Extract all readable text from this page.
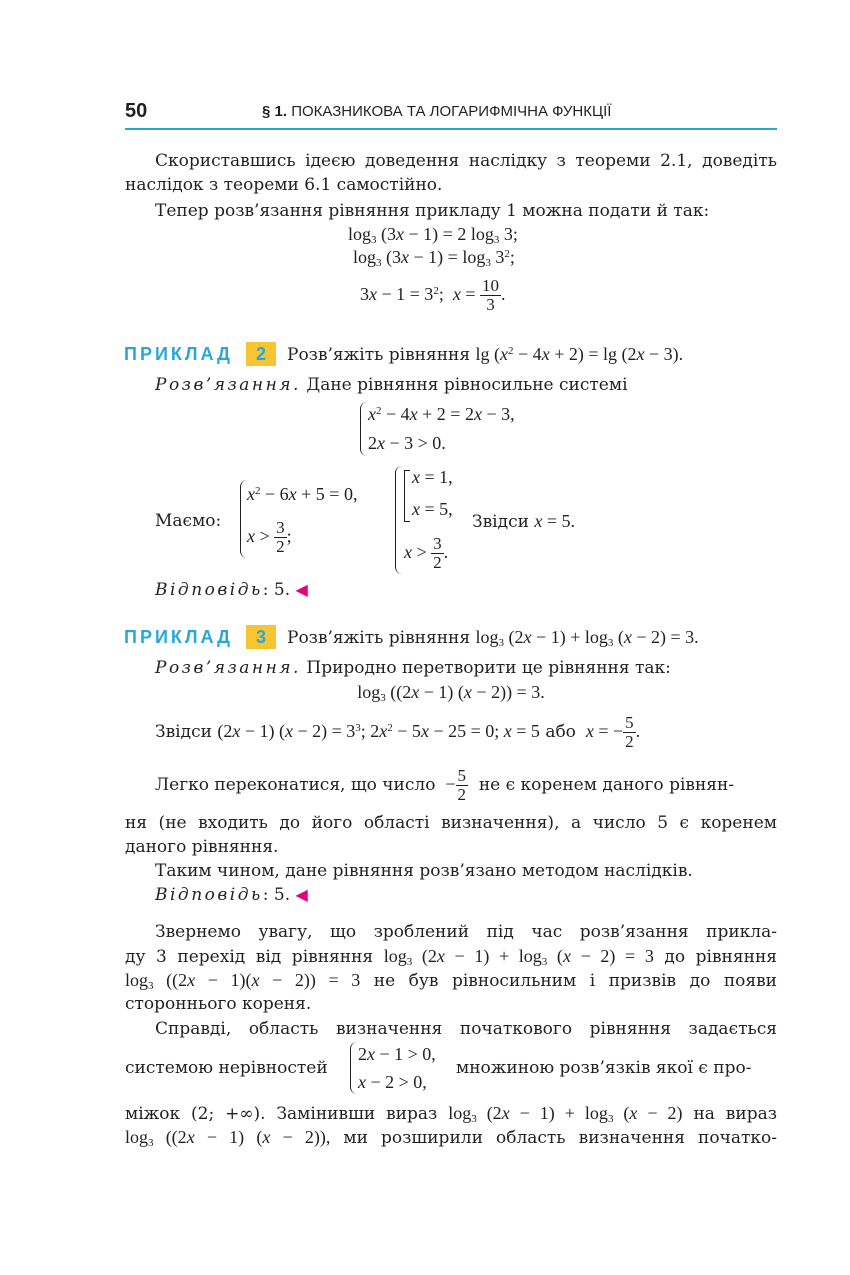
50	§ 1. ПОКАЗНИКОВА ТА ЛОГАРИФМІЧНА ФУНКЦІЇ
Скориставшись ідеєю доведення наслідку з теореми 2.1, доведіть
наслідок з теореми 6.1 самостійно.
Тепер розв’язання рівняння прикладу 1 можна подати й так:
$\log_3 (3x - 1) = 2$ $\log_3 3$;
$\log_3 (3x - 1) = \log_3 3^2$;
$3x - 1 = 3^2$;  $x = \frac{10}{3}$ .
ПРИКЛАД	2	Розв’яжіть рівняння $\lg (x^2 - 4x + 2) = \lg (2x - 3)$.
Розв’язання. Дане рівняння рівносильне системі
$x^2 - 4x + 2 = 2x - 3$,
2x − 3 > 0.
Маємо:
$x^2 - 6x + 5 = 0$,
$x > \frac{3}{2}$ ;
x = 1,
x = 5,
$x > \frac{3}{2}$ .
Звідси x = 5.
Відповідь: 5. ◀
ПРИКЛАД	3	Розв’яжіть рівняння $\log_3 (2x - 1) + \log_3 (x - 2) = 3$.
Розв’язання. Природно перетворити це рівняння так:
$\log_3 ((2x - 1) (x - 2)) = 3$.
Звідси (2x − 1) $(x - 2) = 3^3$; $2x^2 - 5x - 25 = 0$; x = 5 або x = − $\frac{5}{2}$ .
Легко переконатися, що число  − $\frac{5}{2}$ не є коренем даного рівнян-
ня (не входить до його області визначення), а число 5 є коренем
даного рівняння.
Таким чином, дане рівняння розв’язано методом наслідків.
Відповідь: 5. ◀
Звернемо увагу, що зроблений під час розв’язання прикла-
ду 3 перехід від рівняння $\log_3 (2x - 1) + \log_3 (x - 2) = 3$ до рівняння
$\log_3 ((2x - 1)(x - 2)) = 3$ не був рівносильним і призвів до появи
стороннього кореня.
Справді, область визначення початкового рівняння задається
системою нерівностей
2x − 1 > 0,
x − 2 > 0,
множиною розв’язків якої є про-
міжок (2; +∞). Замінивши вираз $\log_3 (2x - 1) + \log_3 (x - 2)$ на вираз
$\log_3 ((2x - 1) (x - 2))$, ми розширили область визначення початко-
